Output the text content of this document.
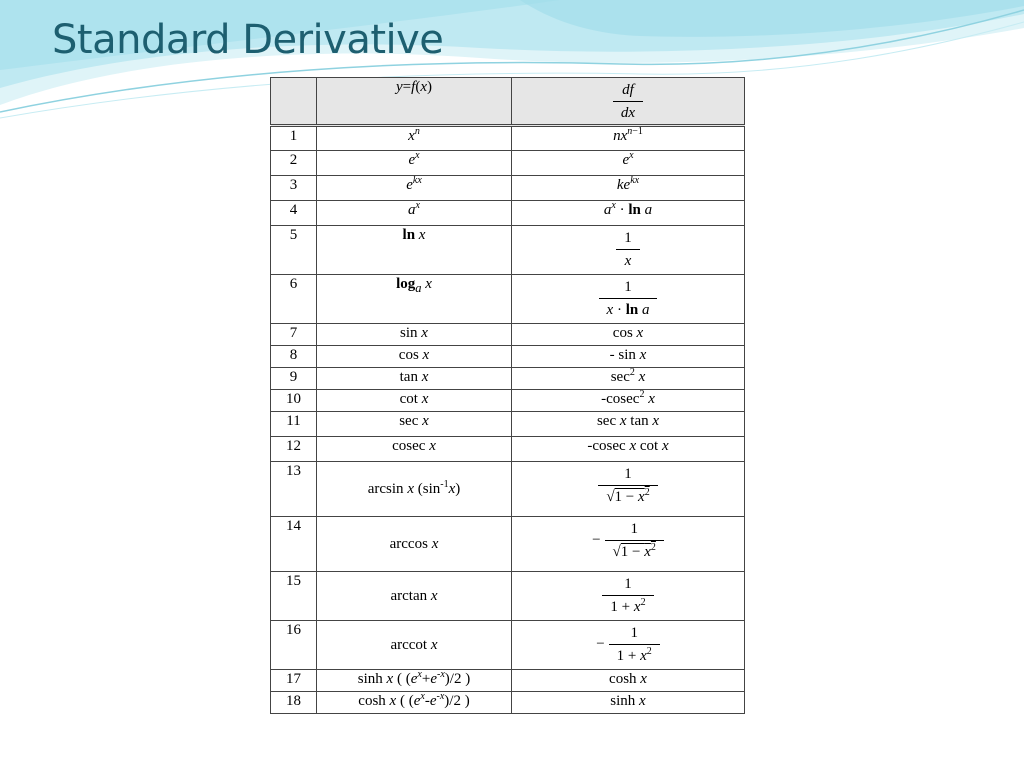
Standard Derivative
	y=f(x)	$\frac{df}{dx}$

1	$x^n$	$nx^{n-1}$
2	$e^x$	$e^x$
3	$e^{kx}$	$ke^{kx}$
4	$a^x$	$a^x \cdot \ln a$
5	ln x	$\frac{1}{x}$

6	$\log_a x$	$\frac{1}{\text{x · ln a}}$

7	sin x	cos x
8	cos x	- sin x
9	tan x	$\sec^2 x$
10	cot x	-cosec$^2$ x
11	sec x	sec x tan x
12	cosec x	-cosec x cot x
13	arcsin x $(\sin^{-1}x)$	$\frac{1}{√1 - x^2}$

14	arccos x	− $\frac{1}{√1 - x^2}$

15	arctan x	$\frac{1}{1 + x^2}$

16	arccot x	− $\frac{1}{1 + x^2}$

17	sinh x ( $(e^x+e^{-x})/2$ )	cosh x
18	cosh x ( $(e^x-e^{-x})/2$ )	sinh x
